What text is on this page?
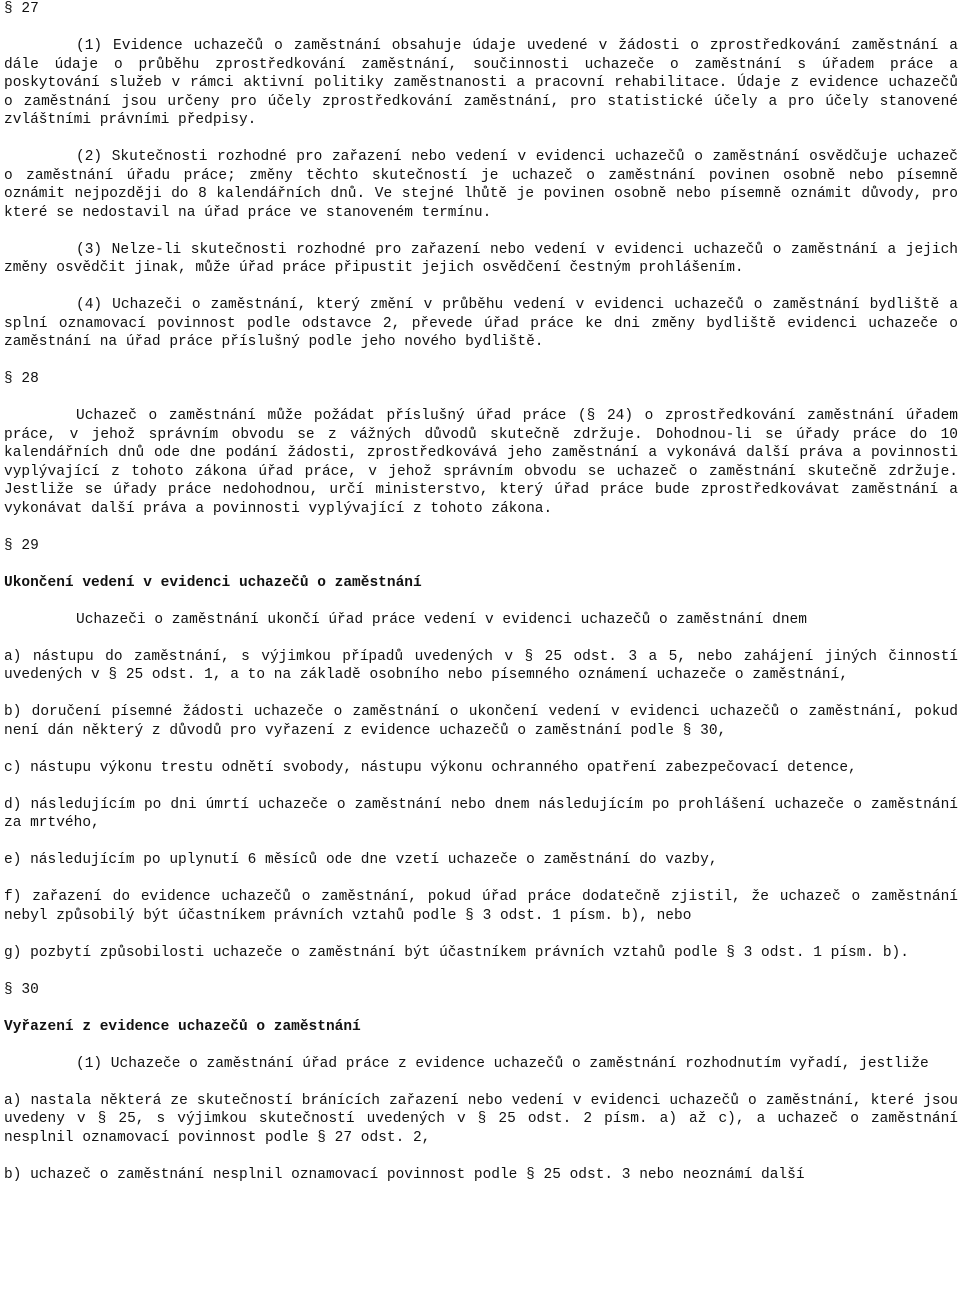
§ 27

(1) Evidence uchazečů o zaměstnání obsahuje údaje uvedené v žádosti o zprostředkování zaměstnání a dále údaje o průběhu zprostředkování zaměstnání, součinnosti uchazeče o zaměstnání s úřadem práce a poskytování služeb v rámci aktivní politiky zaměstnanosti a pracovní rehabilitace. Údaje z evidence uchazečů o zaměstnání jsou určeny pro účely zprostředkování zaměstnání, pro statistické účely a pro účely stanovené zvláštními právními předpisy.

(2) Skutečnosti rozhodné pro zařazení nebo vedení v evidenci uchazečů o zaměstnání osvědčuje uchazeč o zaměstnání úřadu práce; změny těchto skutečností je uchazeč o zaměstnání povinen osobně nebo písemně oznámit nejpozději do 8 kalendářních dnů. Ve stejné lhůtě je povinen osobně nebo písemně oznámit důvody, pro které se nedostavil na úřad práce ve stanoveném termínu.

(3) Nelze-li skutečnosti rozhodné pro zařazení nebo vedení v evidenci uchazečů o zaměstnání a jejich změny osvědčit jinak, může úřad práce připustit jejich osvědčení čestným prohlášením.

(4) Uchazeči o zaměstnání, který změní v průběhu vedení v evidenci uchazečů o zaměstnání bydliště a splní oznamovací povinnost podle odstavce 2, převede úřad práce ke dni změny bydliště evidenci uchazeče o zaměstnání na úřad práce příslušný podle jeho nového bydliště.

§ 28

Uchazeč o zaměstnání může požádat příslušný úřad práce (§ 24) o zprostředkování zaměstnání úřadem práce, v jehož správním obvodu se z vážných důvodů skutečně zdržuje. Dohodnou-li se úřady práce do 10 kalendářních dnů ode dne podání žádosti, zprostředkovává jeho zaměstnání a vykonává další práva a povinnosti vyplývající z tohoto zákona úřad práce, v jehož správním obvodu se uchazeč o zaměstnání skutečně zdržuje. Jestliže se úřady práce nedohodnou, určí ministerstvo, který úřad práce bude zprostředkovávat zaměstnání a vykonávat další práva a povinnosti vyplývající z tohoto zákona.

§ 29

Ukončení vedení v evidenci uchazečů o zaměstnání

Uchazeči o zaměstnání ukončí úřad práce vedení v evidenci uchazečů o zaměstnání dnem

a) nástupu do zaměstnání, s výjimkou případů uvedených v § 25 odst. 3 a 5, nebo zahájení jiných činností uvedených v § 25 odst. 1, a to na základě osobního nebo písemného oznámení uchazeče o zaměstnání,

b) doručení písemné žádosti uchazeče o zaměstnání o ukončení vedení v evidenci uchazečů o zaměstnání, pokud není dán některý z důvodů pro vyřazení z evidence uchazečů o zaměstnání podle § 30,

c) nástupu výkonu trestu odnětí svobody, nástupu výkonu ochranného opatření zabezpečovací detence,

d) následujícím po dni úmrtí uchazeče o zaměstnání nebo dnem následujícím po prohlášení uchazeče o zaměstnání za mrtvého,

e) následujícím po uplynutí 6 měsíců ode dne vzetí uchazeče o zaměstnání do vazby,

f) zařazení do evidence uchazečů o zaměstnání, pokud úřad práce dodatečně zjistil, že uchazeč o zaměstnání nebyl způsobilý být účastníkem právních vztahů podle § 3 odst. 1 písm. b), nebo

g) pozbytí způsobilosti uchazeče o zaměstnání být účastníkem právních vztahů podle § 3 odst. 1 písm. b).

§ 30

Vyřazení z evidence uchazečů o zaměstnání

(1) Uchazeče o zaměstnání úřad práce z evidence uchazečů o zaměstnání rozhodnutím vyřadí, jestliže

a) nastala některá ze skutečností bránících zařazení nebo vedení v evidenci uchazečů o zaměstnání, které jsou uvedeny v § 25, s výjimkou skutečností uvedených v § 25 odst. 2 písm. a) až c), a uchazeč o zaměstnání nesplnil oznamovací povinnost podle § 27 odst. 2,

b) uchazeč o zaměstnání nesplnil oznamovací povinnost podle § 25 odst. 3 nebo neoznámí další
